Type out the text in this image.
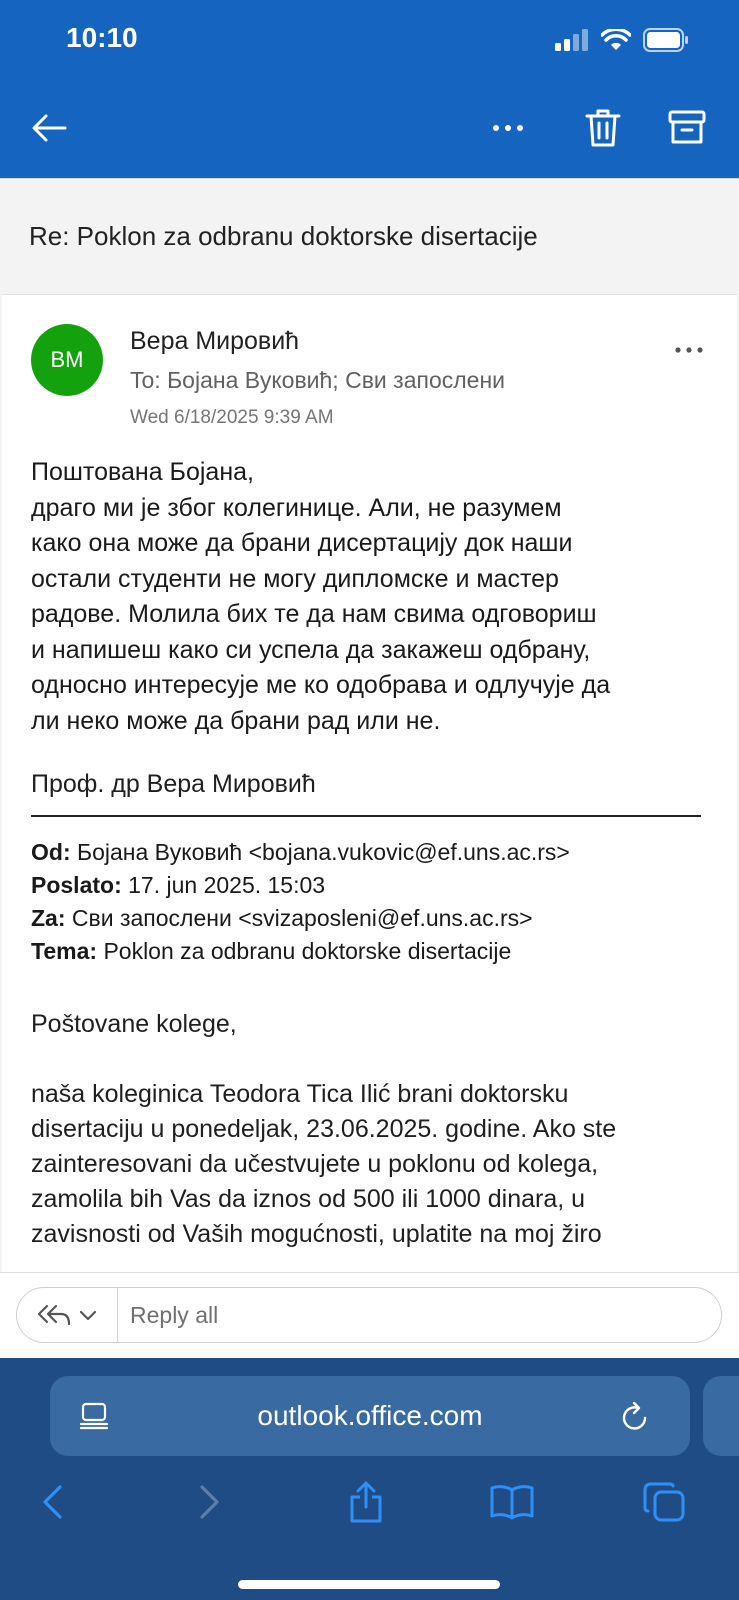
10:10
Re: Poklon za odbranu doktorske disertacije
ВМ
Вера Мировић
To: Бојана Вуковић; Сви запослени
Wed 6/18/2025 9:39 AM

Поштована Бојана,

драго ми је због колегинице. Али, не разумем

како она може да брани дисертацију док наши

остали студенти не могу дипломске и мастер

радове. Молила бих те да нам свима одговориш

и напишеш како си успела да закажеш одбрану,

односно интересује ме ко одобрава и одлучује да

ли неко може да брани рад или не.

Проф. др Вера Мировић
Od: Бојана Вуковић <bojana.vukovic@ef.uns.ac.rs>
Poslato: 17. jun 2025. 15:03
Za: Сви запослени <svizaposleni@ef.uns.ac.rs>
Tema: Poklon za odbranu doktorske disertacije

Poštovane kolege,

naša koleginica Teodora Tica Ilić brani doktorsku

disertaciju u ponedeljak, 23.06.2025. godine. Ako ste

zainteresovani da učestvujete u poklonu od kolega,

zamolila bih Vas da iznos od 500 ili 1000 dinara, u

zavisnosti od Vaših mogućnosti, uplatite na moj žiro

Reply all
outlook.office.com
